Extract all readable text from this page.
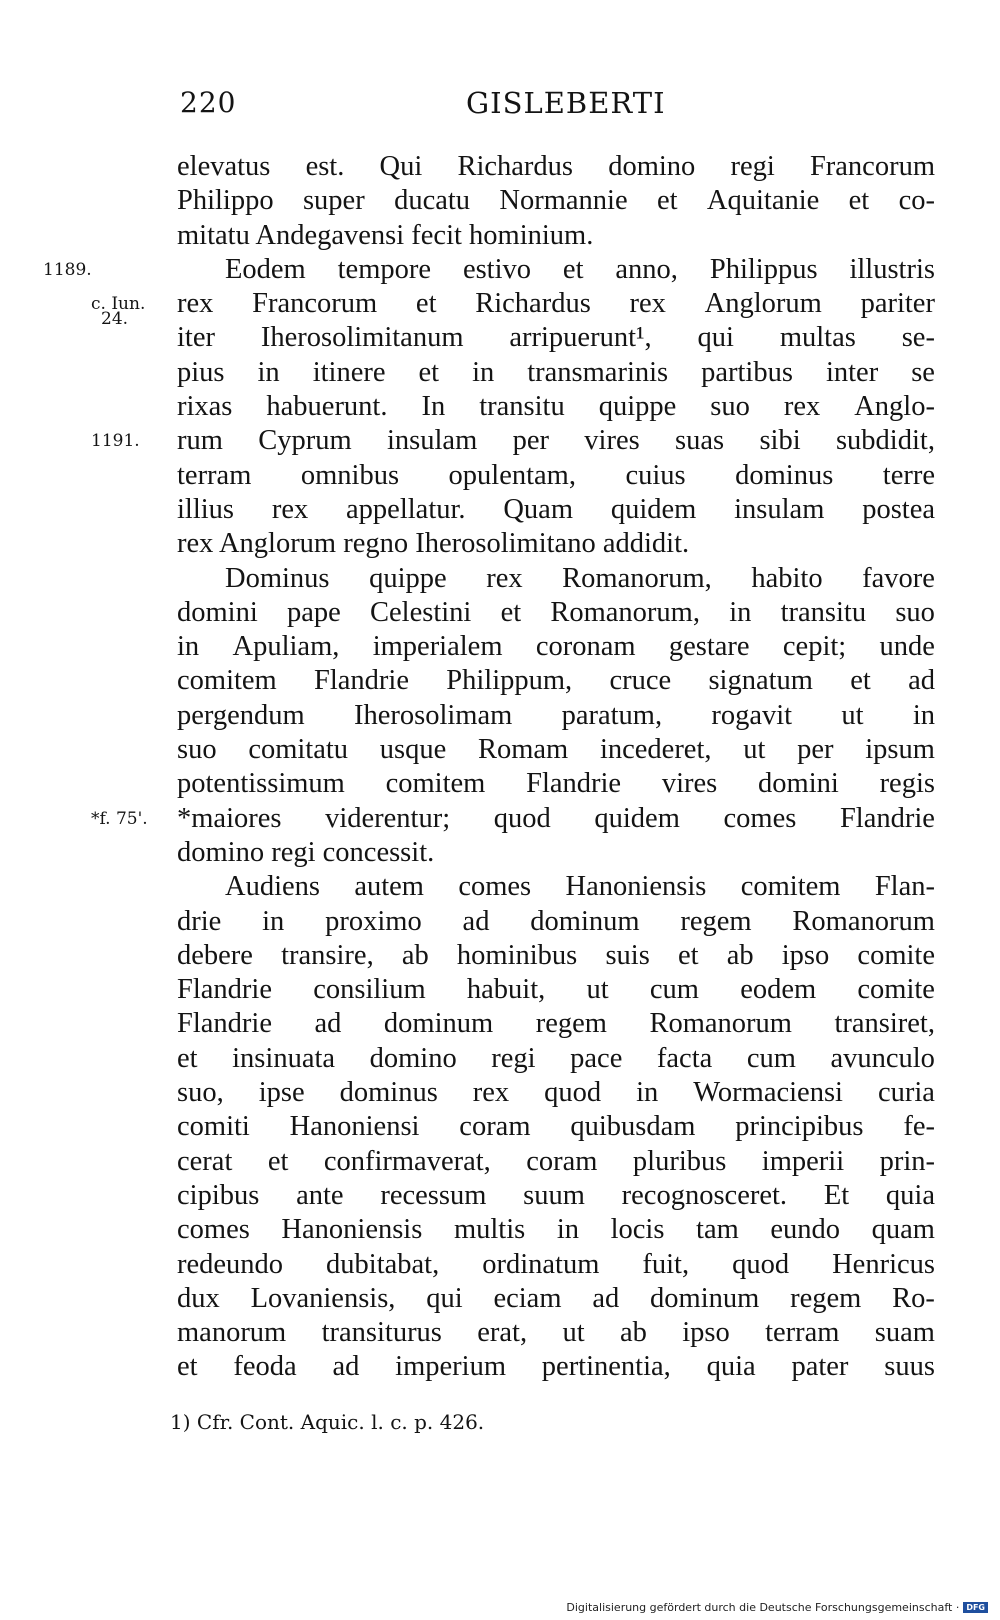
220	GISLEBERTI
elevatus est. Qui Richardus domino regi Francorum
Philippo super ducatu Normannie et Aquitanie et co-
mitatu Andegavensi fecit hominium.
1189.	Eodem tempore estivo et anno, Philippus illustris
c. Iun.
24. rex Francorum et Richardus rex Anglorum pariter
iter Iherosolimitanum arripuerunt¹, qui multas se-
pius in itinere et in transmarinis partibus inter se
rixas habuerunt. In transitu quippe suo rex Anglo-
1191. rum Cyprum insulam per vires suas sibi subdidit,
terram omnibus opulentam, cuius dominus terre
illius rex appellatur. Quam quidem insulam postea
rex Anglorum regno Iherosolimitano addidit.
Dominus quippe rex Romanorum, habito favore
domini pape Celestini et Romanorum, in transitu suo
in Apuliam, imperialem coronam gestare cepit; unde
comitem Flandrie Philippum, cruce signatum et ad
pergendum Iherosolimam paratum, rogavit ut in
suo comitatu usque Romam incederet, ut per ipsum
potentissimum comitem Flandrie vires domini regis
*f. 75'. *maiores viderentur; quod quidem comes Flandrie
domino regi concessit.
Audiens autem comes Hanoniensis comitem Flan-
drie in proximo ad dominum regem Romanorum
debere transire, ab hominibus suis et ab ipso comite
Flandrie consilium habuit, ut cum eodem comite
Flandrie ad dominum regem Romanorum transiret,
et insinuata domino regi pace facta cum avunculo
suo, ipse dominus rex quod in Wormaciensi curia
comiti Hanoniensi coram quibusdam principibus fe-
cerat et confirmaverat, coram pluribus imperii prin-
cipibus ante recessum suum recognosceret. Et quia
comes Hanoniensis multis in locis tam eundo quam
redeundo dubitabat, ordinatum fuit, quod Henricus
dux Lovaniensis, qui eciam ad dominum regem Ro-
manorum transiturus erat, ut ab ipso terram suam
et feoda ad imperium pertinentia, quia pater suus
1) Cfr. Cont. Aquic. l. c. p. 426.
Digitalisierung gefördert durch die Deutsche Forschungsgemeinschaft · DFG
